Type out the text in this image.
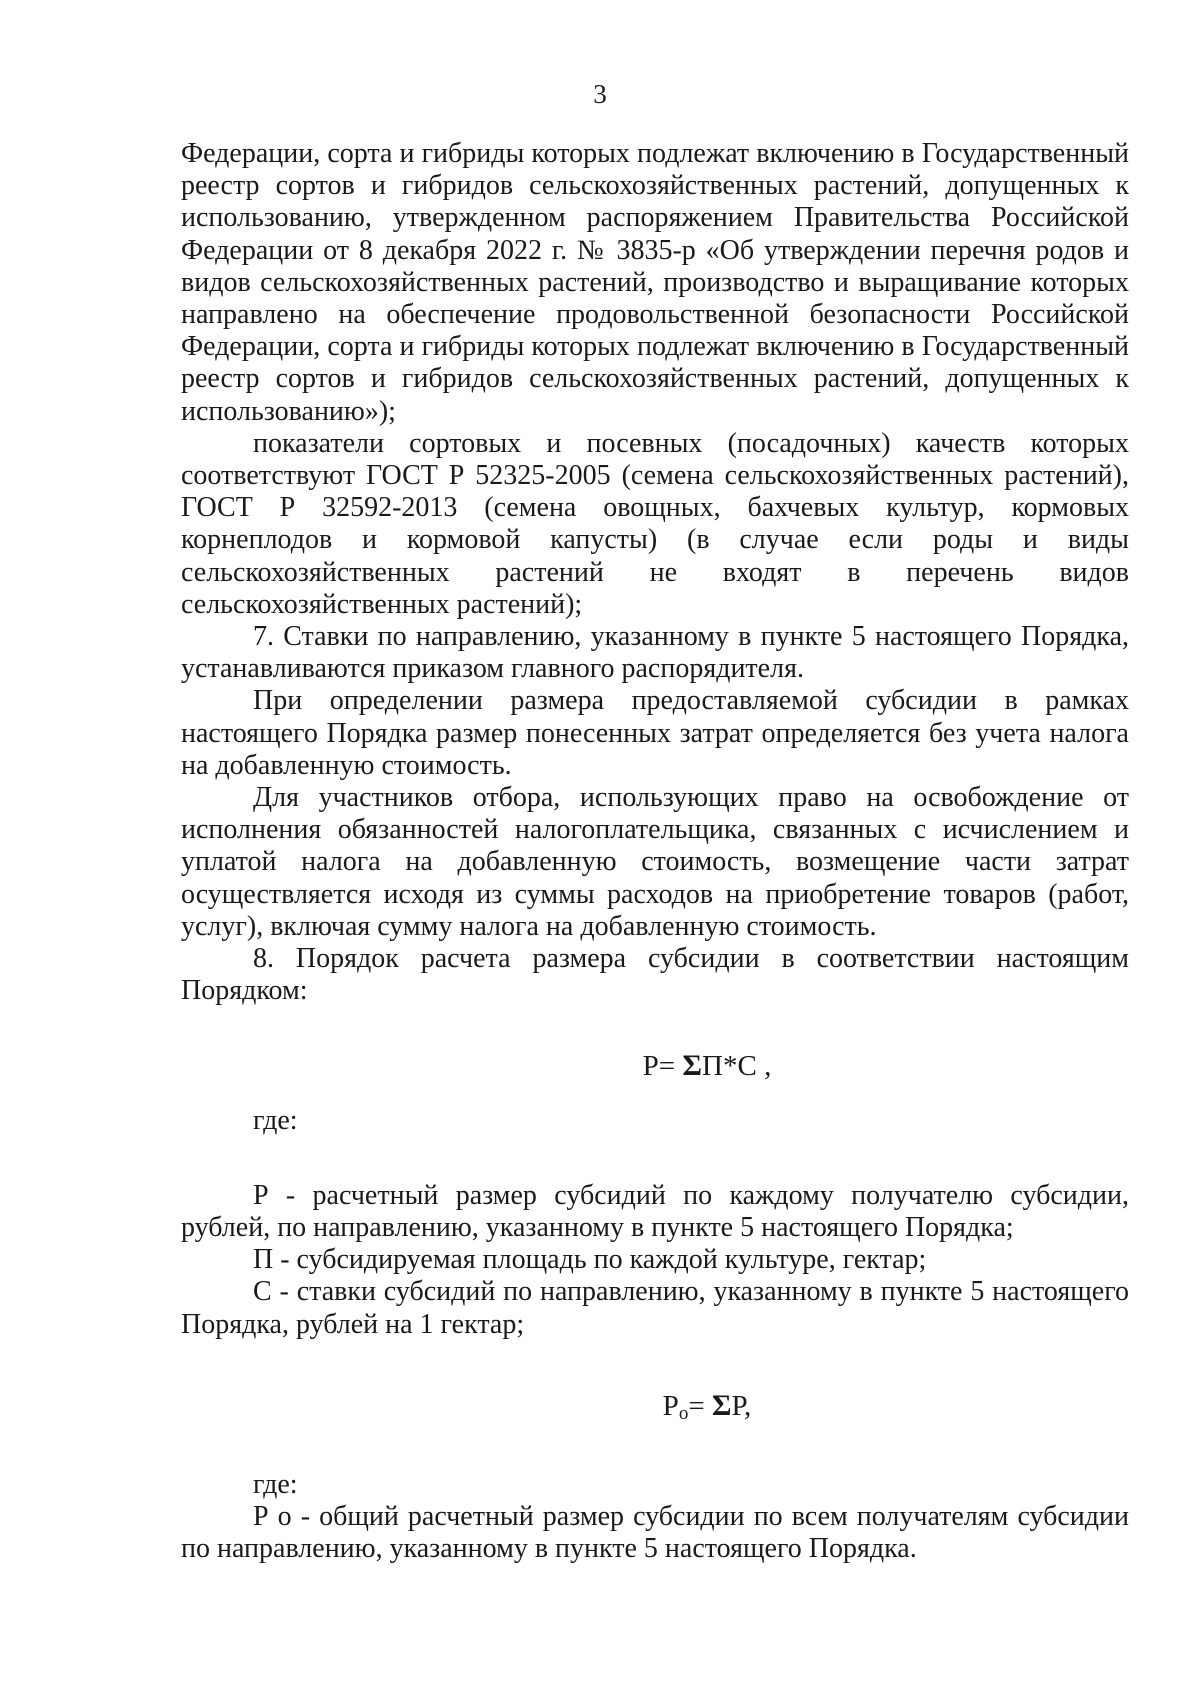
3

Федерации, сорта и гибриды которых подлежат включению в Государственный реестр сортов и гибридов сельскохозяйственных растений, допущенных к использованию, утвержденном распоряжением Правительства Российской Федерации от 8 декабря 2022 г. № 3835-р «Об утверждении перечня родов и видов сельскохозяйственных растений, производство и выращивание которых направлено на обеспечение продовольственной безопасности Российской Федерации, сорта и гибриды которых подлежат включению в Государственный реестр сортов и гибридов сельскохозяйственных растений, допущенных к использованию»);

показатели сортовых и посевных (посадочных) качеств которых соответствуют ГОСТ Р 52325-2005 (семена сельскохозяйственных растений), ГОСТ Р 32592-2013 (семена овощных, бахчевых культур, кормовых корнеплодов и кормовой капусты) (в случае если роды и виды сельскохозяйственных растений не входят в перечень видов сельскохозяйственных растений);

7. Ставки по направлению, указанному в пункте 5 настоящего Порядка, устанавливаются приказом главного распорядителя.

При определении размера предоставляемой субсидии в рамках настоящего Порядка размер понесенных затрат определяется без учета налога на добавленную стоимость.

Для участников отбора, использующих право на освобождение от исполнения обязанностей налогоплательщика, связанных с исчислением и уплатой налога на добавленную стоимость, возмещение части затрат осуществляется исходя из суммы расходов на приобретение товаров (работ, услуг), включая сумму налога на добавленную стоимость.

8. Порядок расчета размера субсидии в соответствии настоящим Порядком:

Р= ΣП*С ,

где:

Р - расчетный размер субсидий по каждому получателю субсидии, рублей, по направлению, указанному в пункте 5 настоящего Порядка;

П - субсидируемая площадь по каждой культуре, гектар;

С - ставки субсидий по направлению, указанному в пункте 5 настоящего Порядка, рублей на 1 гектар;

$Р_о= \Sigma Р$,

где:

Р о - общий расчетный размер субсидии по всем получателям субсидии по направлению, указанному в пункте 5 настоящего Порядка.
